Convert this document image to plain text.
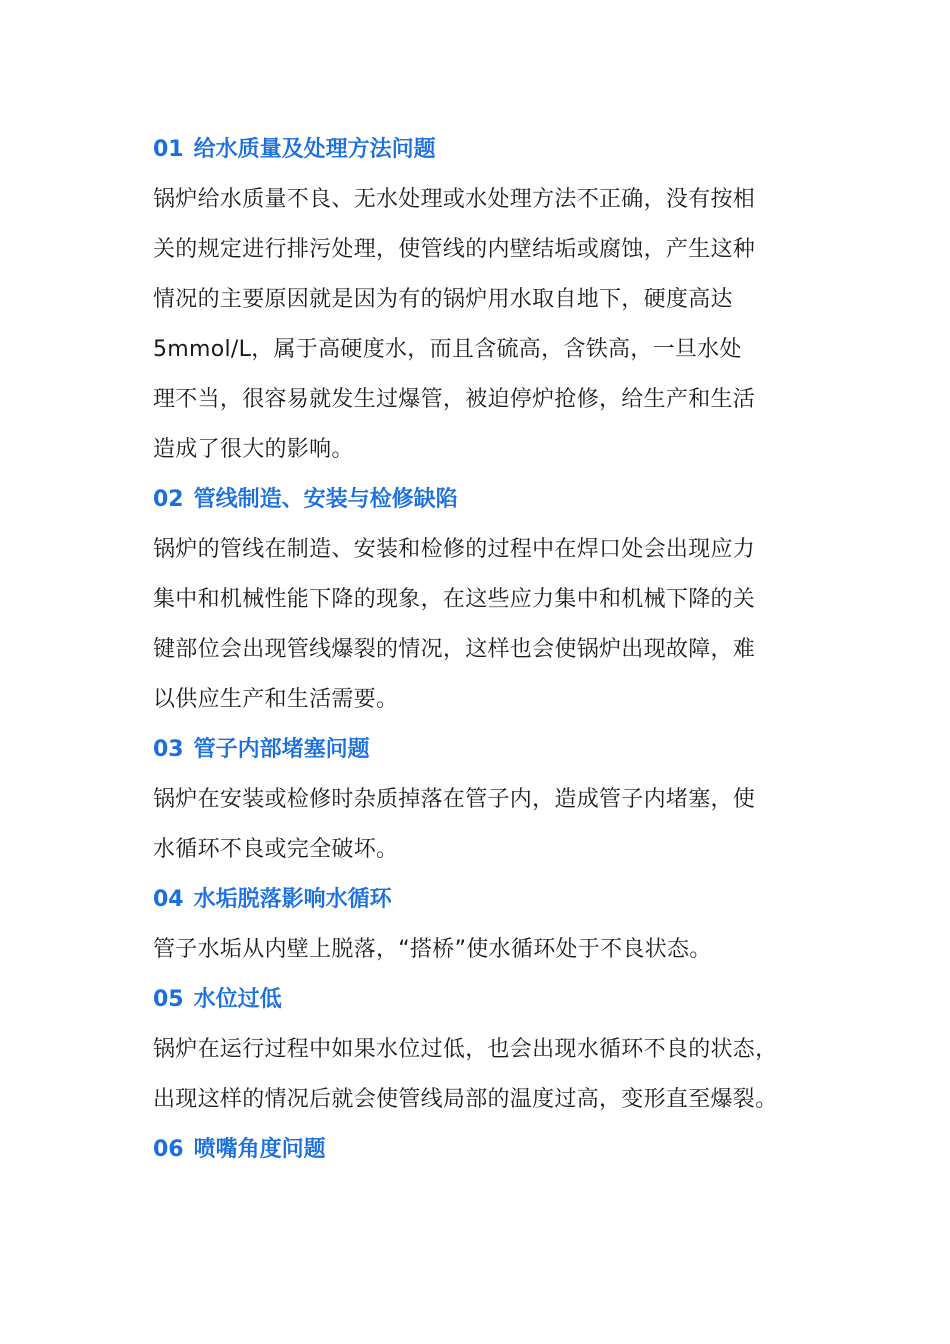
01 给水质量及处理方法问题

锅炉给水质量不良、无水处理或水处理方法不正确，没有按相
关的规定进行排污处理，使管线的内壁结垢或腐蚀，产生这种
情况的主要原因就是因为有的锅炉用水取自地下，硬度高达
5mmol/L，属于高硬度水，而且含硫高，含铁高，一旦水处
理不当，很容易就发生过爆管，被迫停炉抢修，给生产和生活
造成了很大的影响。

02 管线制造、安装与检修缺陷

锅炉的管线在制造、安装和检修的过程中在焊口处会出现应力
集中和机械性能下降的现象，在这些应力集中和机械下降的关
键部位会出现管线爆裂的情况，这样也会使锅炉出现故障，难
以供应生产和生活需要。

03 管子内部堵塞问题

锅炉在安装或检修时杂质掉落在管子内，造成管子内堵塞，使
水循环不良或完全破坏。

04 水垢脱落影响水循环

管子水垢从内壁上脱落，“搭桥”使水循环处于不良状态。

05 水位过低

锅炉在运行过程中如果水位过低，也会出现水循环不良的状态，
出现这样的情况后就会使管线局部的温度过高，变形直至爆裂。

06 喷嘴角度问题
